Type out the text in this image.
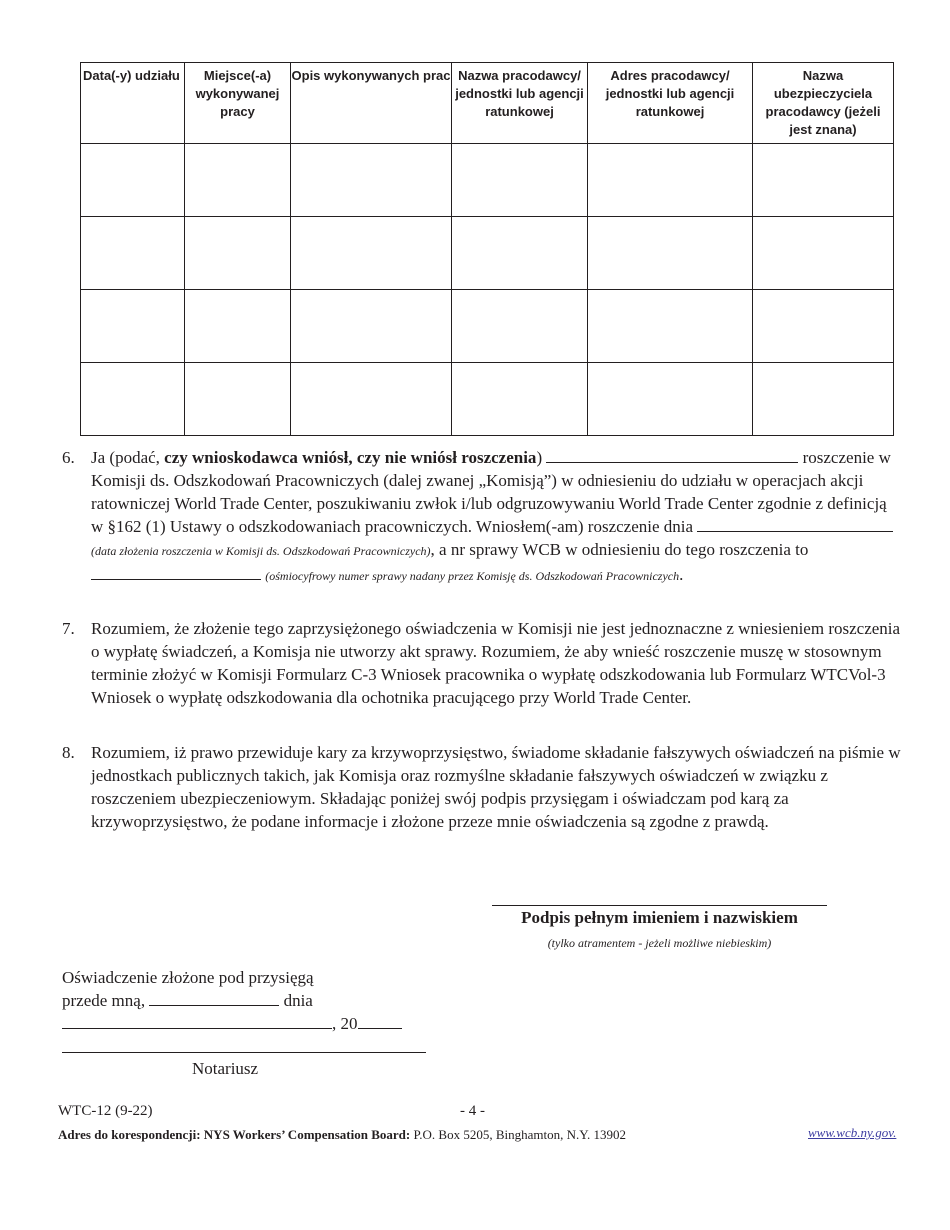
Data(-y) udziału	Miejsce(-a) wykonywanej pracy	Opis wykonywanych prac	Nazwa pracodawcy/ jednostki lub agencji ratunkowej	Adres pracodawcy/ jednostki lub agencji ratunkowej	Nazwa ubezpieczyciela pracodawcy (jeżeli jest znana)

6. Ja (podać, czy wnioskodawca wniósł, czy nie wniósł roszczenia)	roszczenie w Komisji ds. Odszkodowań Pracowniczych (dalej zwanej „Komisją”) w odniesieniu do udziału w operacjach akcji ratowniczej World Trade Center, poszukiwaniu zwłok i/lub odgruzowywaniu World Trade Center zgodnie z definicją w §162 (1) Ustawy o odszkodowaniach pracowniczych. Wniosłem(-am) roszczenie dnia  (data złożenia roszczenia w Komisji ds. Odszkodowań Pracowniczych), a nr sprawy WCB w odniesieniu do tego roszczenia to  (ośmiocyfrowy numer sprawy nadany przez Komisję ds. Odszkodowań Pracowniczych.
7. Rozumiem, że złożenie tego zaprzysiężonego oświadczenia w Komisji nie jest jednoznaczne z wniesieniem roszczenia o wypłatę świadczeń, a Komisja nie utworzy akt sprawy. Rozumiem, że aby wnieść roszczenie muszę w stosownym terminie złożyć w Komisji Formularz C-3 Wniosek pracownika o wypłatę odszkodowania lub Formularz WTCVol-3 Wniosek o wypłatę odszkodowania dla ochotnika pracującego przy World Trade Center.
8. Rozumiem, iż prawo przewiduje kary za krzywoprzysięstwo, świadome składanie fałszywych oświadczeń na piśmie w jednostkach publicznych takich, jak Komisja oraz rozmyślne składanie fałszywych oświadczeń w związku z roszczeniem ubezpieczeniowym. Składając poniżej swój podpis przysięgam i oświadczam pod karą za krzywoprzysięstwo, że podane informacje i złożone przeze mnie oświadczenia są zgodne z prawdą.
Podpis pełnym imieniem i nazwiskiem
(tylko atramentem - jeżeli możliwe niebieskim)
Oświadczenie złożone pod przysięgą
przede mną,	dnia
, 20
Notariusz
WTC-12 (9-22)	- 4 -
Adres do korespondencji: NYS Workers’ Compensation Board: P.O. Box 5205, Binghamton, N.Y. 13902	www.wcb.ny.gov.
